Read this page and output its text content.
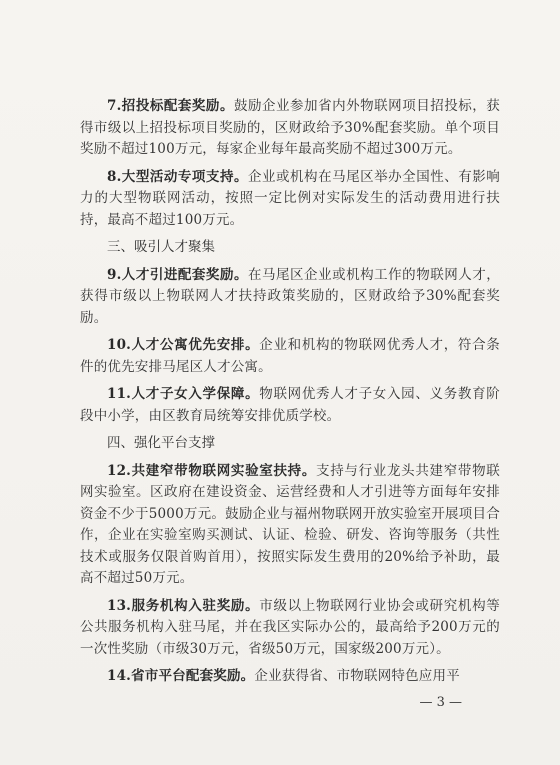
7.招投标配套奖励。鼓励企业参加省内外物联网项目招投标，获得市级以上招投标项目奖励的，区财政给予30%配套奖励。单个项目奖励不超过100万元，每家企业每年最高奖励不超过300万元。

8.大型活动专项支持。企业或机构在马尾区举办全国性、有影响力的大型物联网活动，按照一定比例对实际发生的活动费用进行扶持，最高不超过100万元。

三、吸引人才聚集

9.人才引进配套奖励。在马尾区企业或机构工作的物联网人才，获得市级以上物联网人才扶持政策奖励的，区财政给予30%配套奖励。

10.人才公寓优先安排。企业和机构的物联网优秀人才，符合条件的优先安排马尾区人才公寓。

11.人才子女入学保障。物联网优秀人才子女入园、义务教育阶段中小学，由区教育局统筹安排优质学校。

四、强化平台支撑

12.共建窄带物联网实验室扶持。支持与行业龙头共建窄带物联网实验室。区政府在建设资金、运营经费和人才引进等方面每年安排资金不少于5000万元。鼓励企业与福州物联网开放实验室开展项目合作，企业在实验室购买测试、认证、检验、研发、咨询等服务（共性技术或服务仅限首购首用），按照实际发生费用的20%给予补助，最高不超过50万元。

13.服务机构入驻奖励。市级以上物联网行业协会或研究机构等公共服务机构入驻马尾，并在我区实际办公的，最高给予200万元的一次性奖励（市级30万元，省级50万元，国家级200万元）。

14.省市平台配套奖励。企业获得省、市物联网特色应用平

— 3 —
